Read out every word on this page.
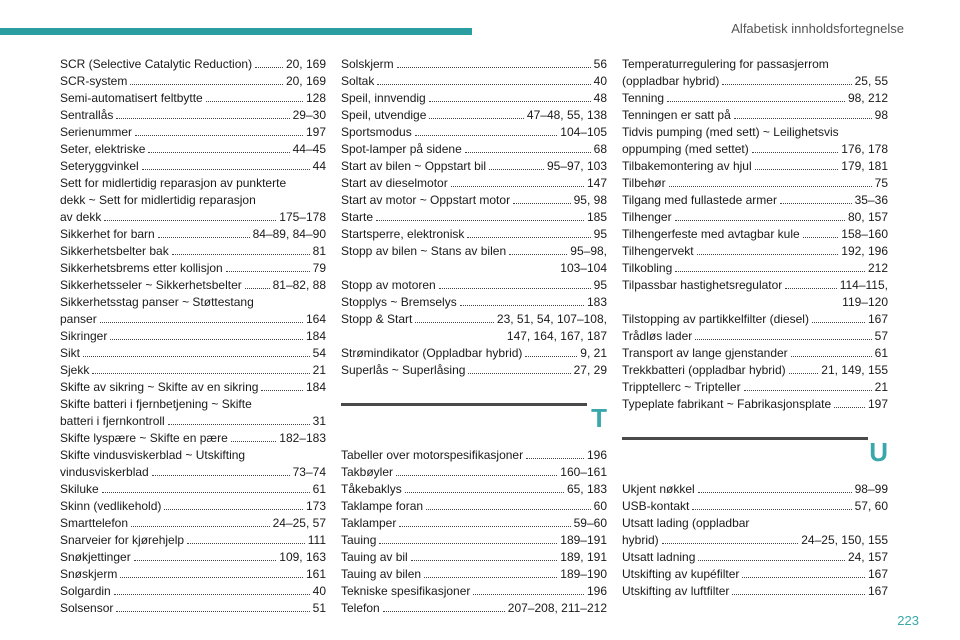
Alfabetisk innholdsfortegnelse
SCR (Selective Catalytic Reduction)	20, 169
SCR-system	20, 169
Semi-automatisert feltbytte	128
Sentrallås	29–30
Serienummer	197
Seter, elektriske	44–45
Seteryggvinkel	44
Sett for midlertidig reparasjon av punkterte
dekk ~ Sett for midlertidig reparasjon
av dekk	175–178
Sikkerhet for barn	84–89, 84–90
Sikkerhetsbelter bak	81
Sikkerhetsbrems etter kollisjon	79
Sikkerhetsseler ~ Sikkerhetsbelter	81–82, 88
Sikkerhetsstag panser ~ Støttestang
panser	164
Sikringer	184
Sikt	54
Sjekk	21
Skifte av sikring ~ Skifte av en sikring	184
Skifte batteri i fjernbetjening ~ Skifte
batteri i fjernkontroll	31
Skifte lyspære ~ Skifte en pære	182–183
Skifte vindusviskerblad ~ Utskifting
vindusviskerblad	73–74
Skiluke	61
Skinn (vedlikehold)	173
Smarttelefon	24–25, 57
Snarveier for kjørehjelp	111
Snøkjettinger	109, 163
Snøskjerm	161
Solgardin	40
Solsensor	51
Solskjerm	56
Soltak	40
Speil, innvendig	48
Speil, utvendige	47–48, 55, 138
Sportsmodus	104–105
Spot-lamper på sidene	68
Start av bilen ~ Oppstart bil	95–97, 103
Start av dieselmotor	147
Start av motor ~ Oppstart motor	95, 98
Starte	185
Startsperre, elektronisk	95
Stopp av bilen ~ Stans av bilen	95–98,
103–104
Stopp av motoren	95
Stopplys ~ Bremselys	183
Stopp & Start	23, 51, 54, 107–108,
147, 164, 167, 187
Strømindikator (Oppladbar hybrid)	9, 21
Superlås ~ Superlåsing	27, 29
T
Tabeller over motorspesifikasjoner	196
Takbøyler	160–161
Tåkebaklys	65, 183
Taklampe foran	60
Taklamper	59–60
Tauing	189–191
Tauing av bil	189, 191
Tauing av bilen	189–190
Tekniske spesifikasjoner	196
Telefon	207–208, 211–212
Temperaturregulering for passasjerrom
(oppladbar hybrid)	25, 55
Tenning	98, 212
Tenningen er satt på	98
Tidvis pumping (med sett) ~ Leilighetsvis
oppumping (med settet)	176, 178
Tilbakemontering av hjul	179, 181
Tilbehør	75
Tilgang med fullastede armer	35–36
Tilhenger	80, 157
Tilhengerfeste med avtagbar kule	158–160
Tilhengervekt	192, 196
Tilkobling	212
Tilpassbar hastighetsregulator	114–115,
119–120
Tilstopping av partikkelfilter (diesel)	167
Trådløs lader	57
Transport av lange gjenstander	61
Trekkbatteri (oppladbar hybrid)	21, 149, 155
Tripptellerc ~ Tripteller	21
Typeplate fabrikant ~ Fabrikasjonsplate	197
U
Ukjent nøkkel	98–99
USB-kontakt	57, 60
Utsatt lading (oppladbar
hybrid)	24–25, 150, 155
Utsatt ladning	24, 157
Utskifting av kupéfilter	167
Utskifting av luftfilter	167
223
